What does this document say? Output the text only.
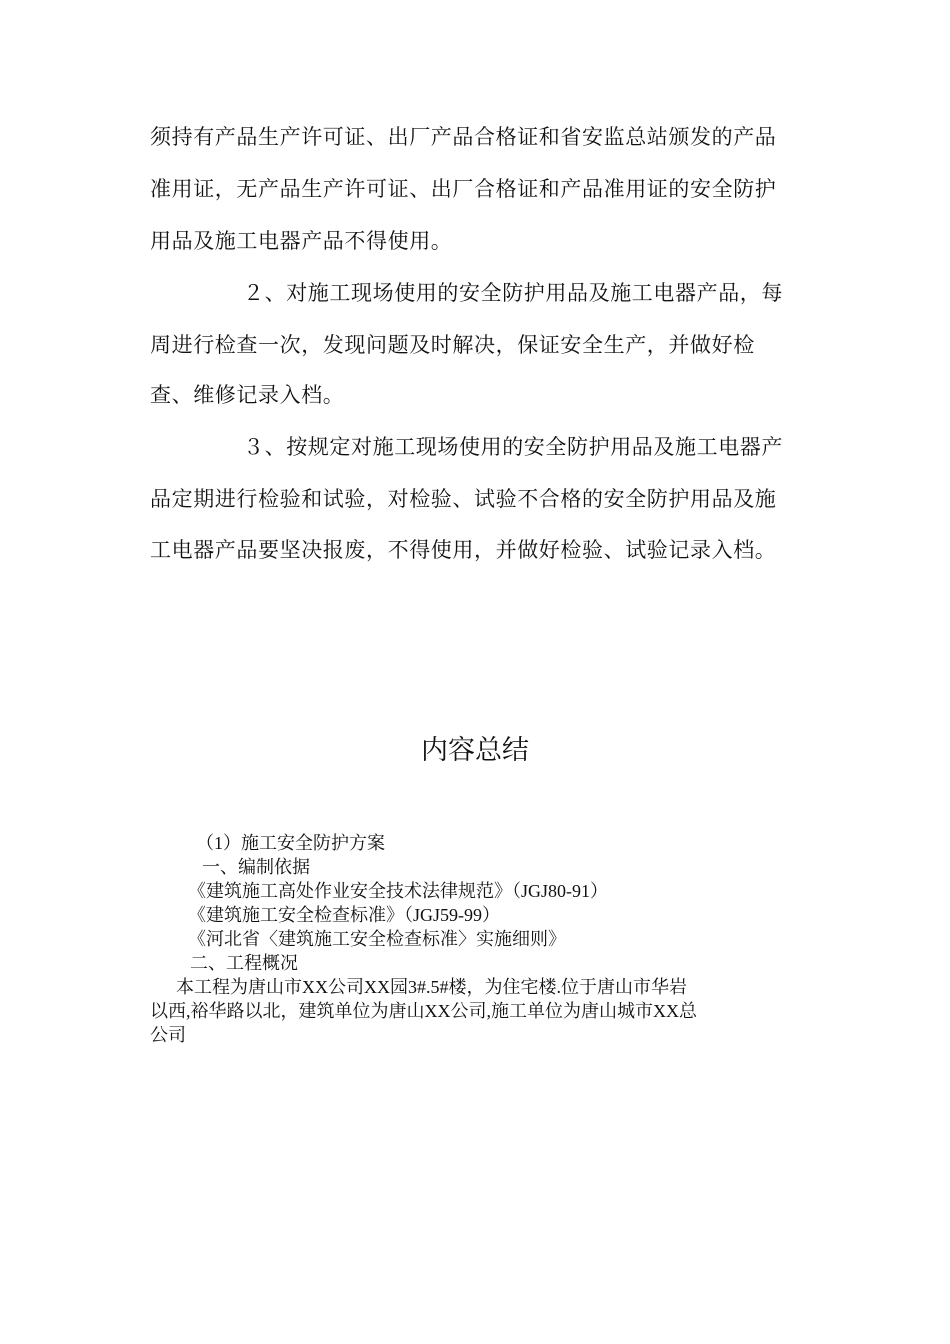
须持有产品生产许可证、出厂产品合格证和省安监总站颁发的产品
准用证，无产品生产许可证、出厂合格证和产品准用证的安全防护
用品及施工电器产品不得使用。
２、对施工现场使用的安全防护用品及施工电器产品，每
周进行检查一次，发现问题及时解决，保证安全生产，并做好检
查、维修记录入档。
３、按规定对施工现场使用的安全防护用品及施工电器产
品定期进行检验和试验，对检验、试验不合格的安全防护用品及施
工电器产品要坚决报废，不得使用，并做好检验、试验记录入档。
内容总结
（1）施工安全防护方案
一、编制依据
《建筑施工高处作业安全技术法律规范》（JGJ80-91）
《建筑施工安全检查标准》（JGJ59-99）
《河北省〈建筑施工安全检查标准〉实施细则》
二、工程概况
本工程为唐山市XX公司XX园3#.5#楼，为住宅楼.位于唐山市华岩
以西,裕华路以北，建筑单位为唐山XX公司,施工单位为唐山城市XX总
公司
